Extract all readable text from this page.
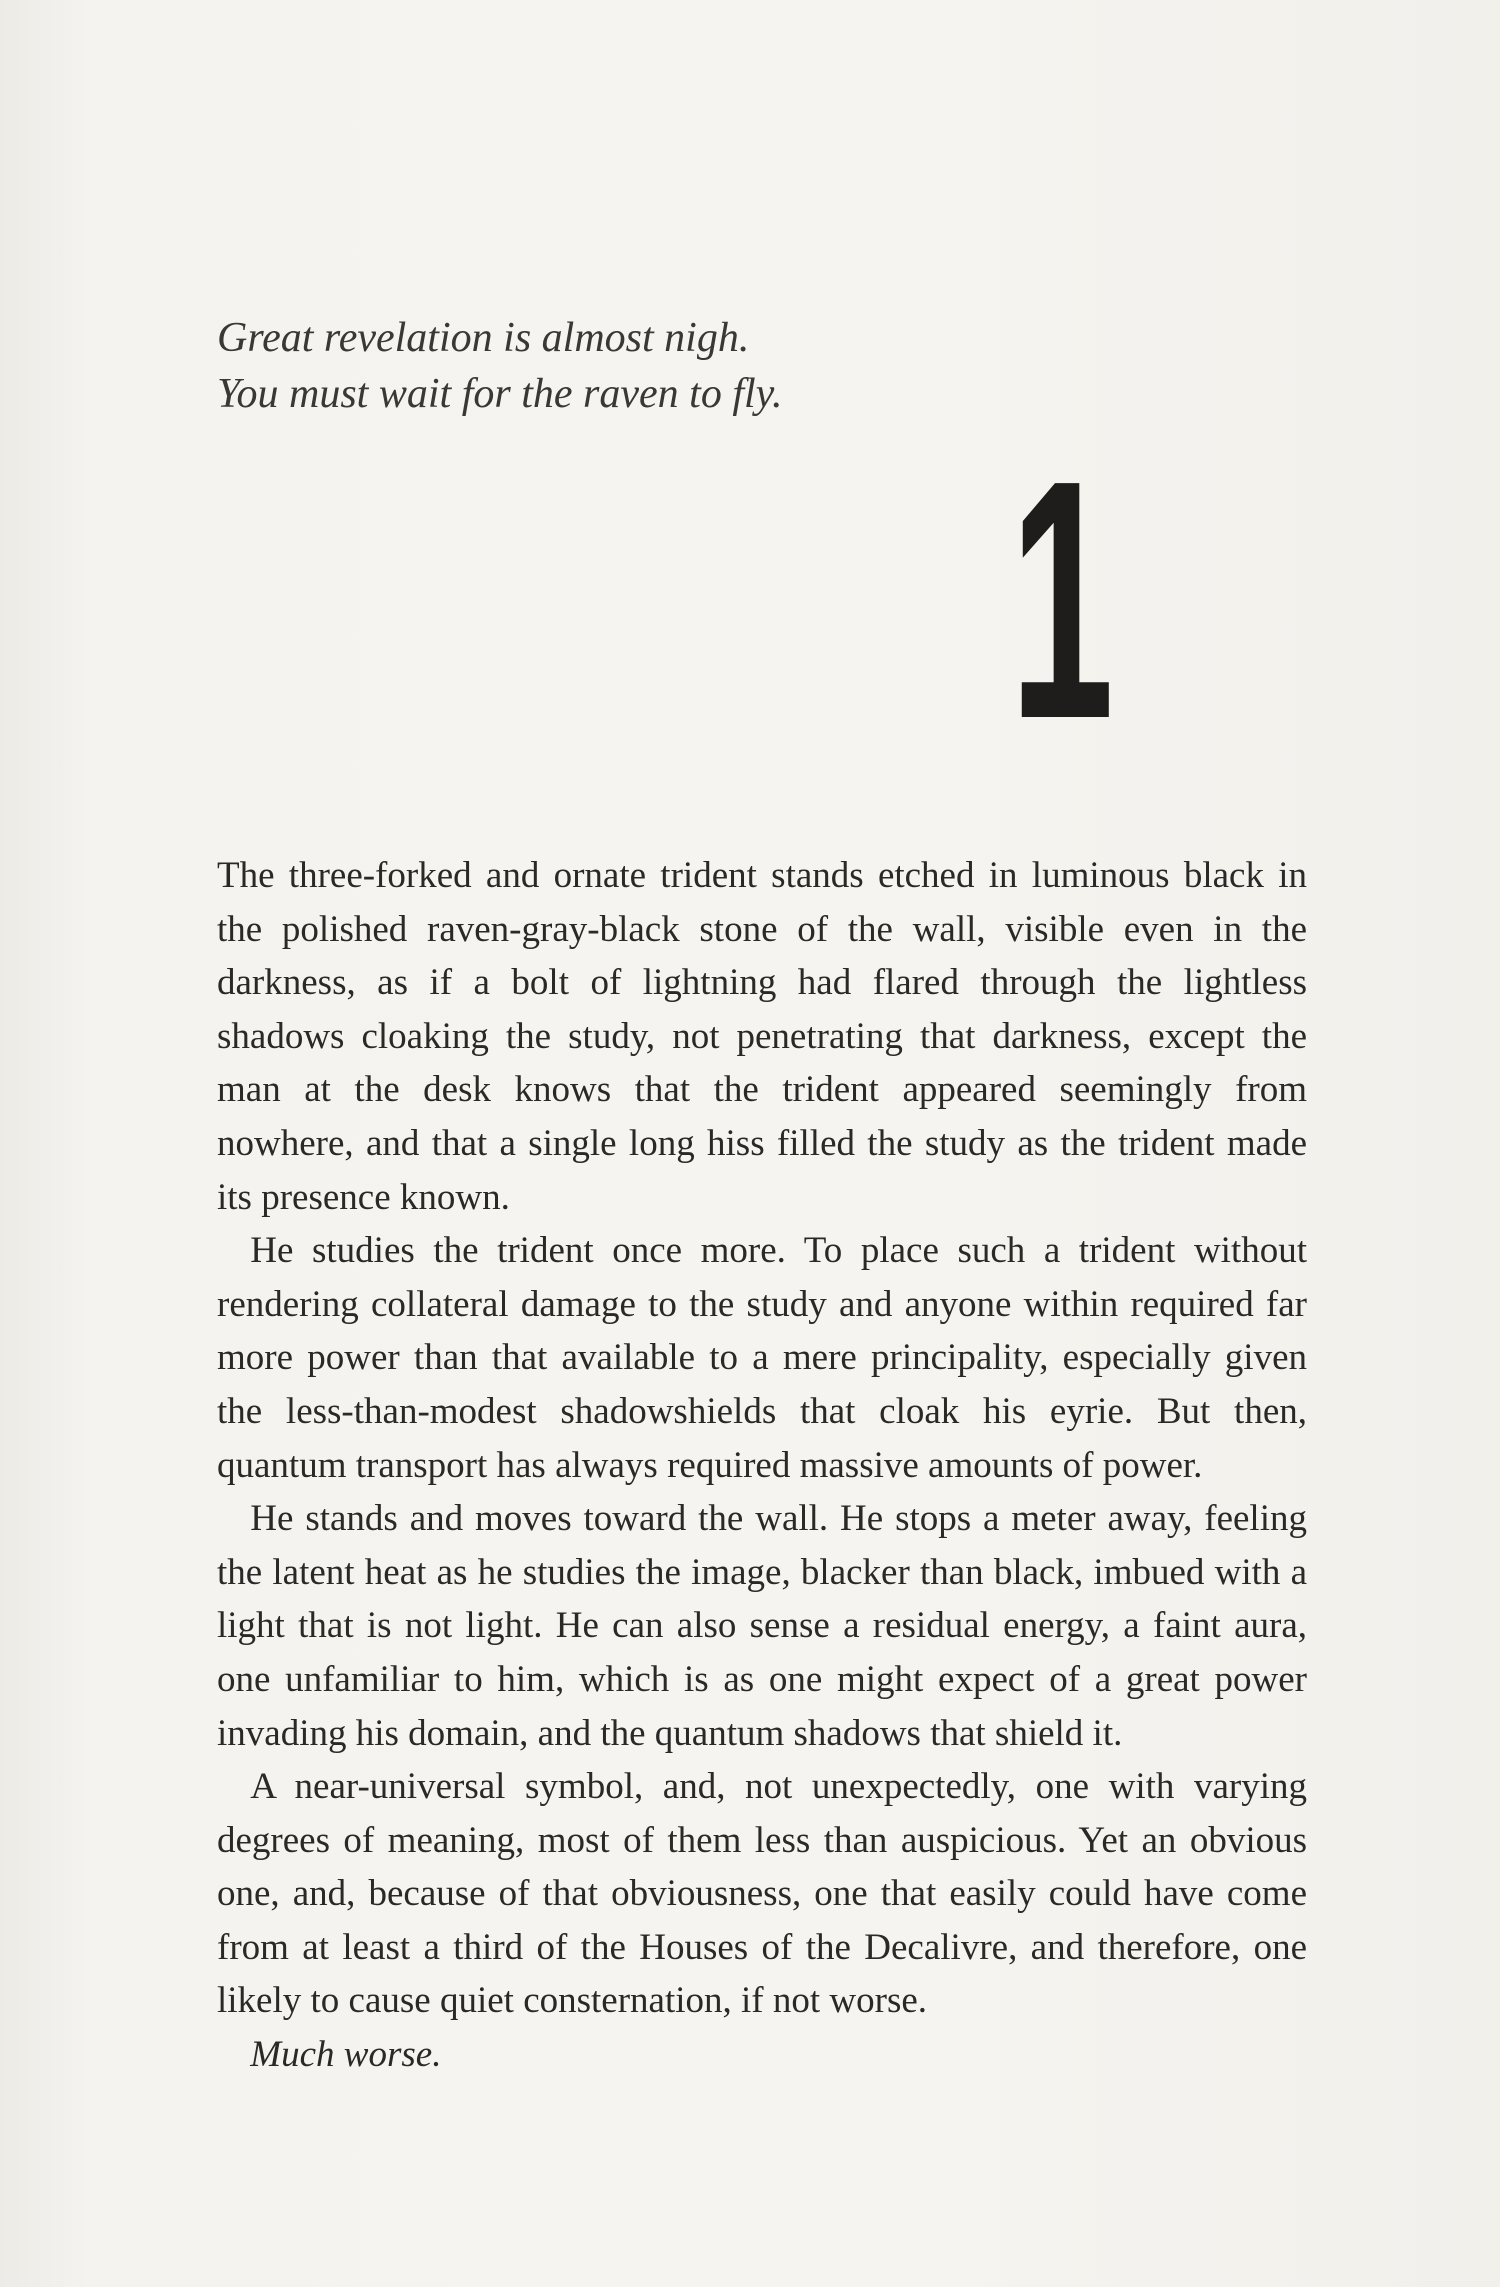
Great revelation is almost nigh.
You must wait for the raven to fly.
1

The three-forked and ornate trident stands etched in luminous black in the polished raven-gray-black stone of the wall, visible even in the darkness, as if a bolt of lightning had flared through the lightless shadows cloaking the study, not penetrating that darkness, except the man at the desk knows that the trident appeared seemingly from nowhere, and that a single long hiss filled the study as the trident made its presence known.

He studies the trident once more. To place such a trident without rendering collateral damage to the study and anyone within required far more power than that available to a mere principality, especially given the less-than-modest shadowshields that cloak his eyrie. But then, quantum transport has always required massive amounts of power.

He stands and moves toward the wall. He stops a meter away, feeling the latent heat as he studies the image, blacker than black, imbued with a light that is not light. He can also sense a residual energy, a faint aura, one unfamiliar to him, which is as one might expect of a great power invading his domain, and the quantum shadows that shield it.

A near-universal symbol, and, not unexpectedly, one with varying degrees of meaning, most of them less than auspicious. Yet an obvious one, and, because of that obviousness, one that easily could have come from at least a third of the Houses of the Decalivre, and therefore, one likely to cause quiet consternation, if not worse.

Much worse.
